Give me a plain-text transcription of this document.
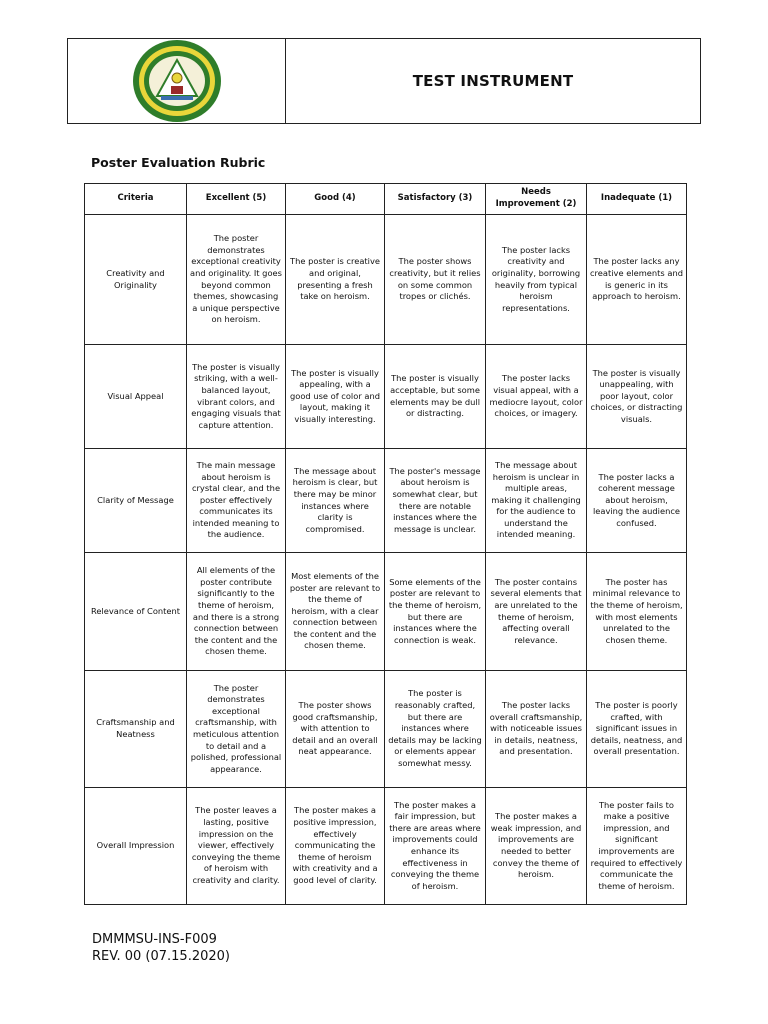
TEST INSTRUMENT
Poster Evaluation Rubric
Criteria	Excellent (5)	Good (4)	Satisfactory (3)	Needs Improvement (2)	Inadequate (1)
Creativity and Originality	The poster demonstrates exceptional creativity and originality. It goes beyond common themes, showcasing a unique perspective on heroism.	The poster is creative and original, presenting a fresh take on heroism.	The poster shows creativity, but it relies on some common tropes or clichés.	The poster lacks creativity and originality, borrowing heavily from typical heroism representations.	The poster lacks any creative elements and is generic in its approach to heroism.
Visual Appeal	The poster is visually striking, with a well-balanced layout, vibrant colors, and engaging visuals that capture attention.	The poster is visually appealing, with a good use of color and layout, making it visually interesting.	The poster is visually acceptable, but some elements may be dull or distracting.	The poster lacks visual appeal, with a mediocre layout, color choices, or imagery.	The poster is visually unappealing, with poor layout, color choices, or distracting visuals.
Clarity of Message	The main message about heroism is crystal clear, and the poster effectively communicates its intended meaning to the audience.	The message about heroism is clear, but there may be minor instances where clarity is compromised.	The poster's message about heroism is somewhat clear, but there are notable instances where the message is unclear.	The message about heroism is unclear in multiple areas, making it challenging for the audience to understand the intended meaning.	The poster lacks a coherent message about heroism, leaving the audience confused.
Relevance of Content	All elements of the poster contribute significantly to the theme of heroism, and there is a strong connection between the content and the chosen theme.	Most elements of the poster are relevant to the theme of heroism, with a clear connection between the content and the chosen theme.	Some elements of the poster are relevant to the theme of heroism, but there are instances where the connection is weak.	The poster contains several elements that are unrelated to the theme of heroism, affecting overall relevance.	The poster has minimal relevance to the theme of heroism, with most elements unrelated to the chosen theme.
Craftsmanship and Neatness	The poster demonstrates exceptional craftsmanship, with meticulous attention to detail and a polished, professional appearance.	The poster shows good craftsmanship, with attention to detail and an overall neat appearance.	The poster is reasonably crafted, but there are instances where details may be lacking or elements appear somewhat messy.	The poster lacks overall craftsmanship, with noticeable issues in details, neatness, and presentation.	The poster is poorly crafted, with significant issues in details, neatness, and overall presentation.
Overall Impression	The poster leaves a lasting, positive impression on the viewer, effectively conveying the theme of heroism with creativity and clarity.	The poster makes a positive impression, effectively communicating the theme of heroism with creativity and a good level of clarity.	The poster makes a fair impression, but there are areas where improvements could enhance its effectiveness in conveying the theme of heroism.	The poster makes a weak impression, and improvements are needed to better convey the theme of heroism.	The poster fails to make a positive impression, and significant improvements are required to effectively communicate the theme of heroism.
DMMMSU-INS-F009
REV. 00 (07.15.2020)
